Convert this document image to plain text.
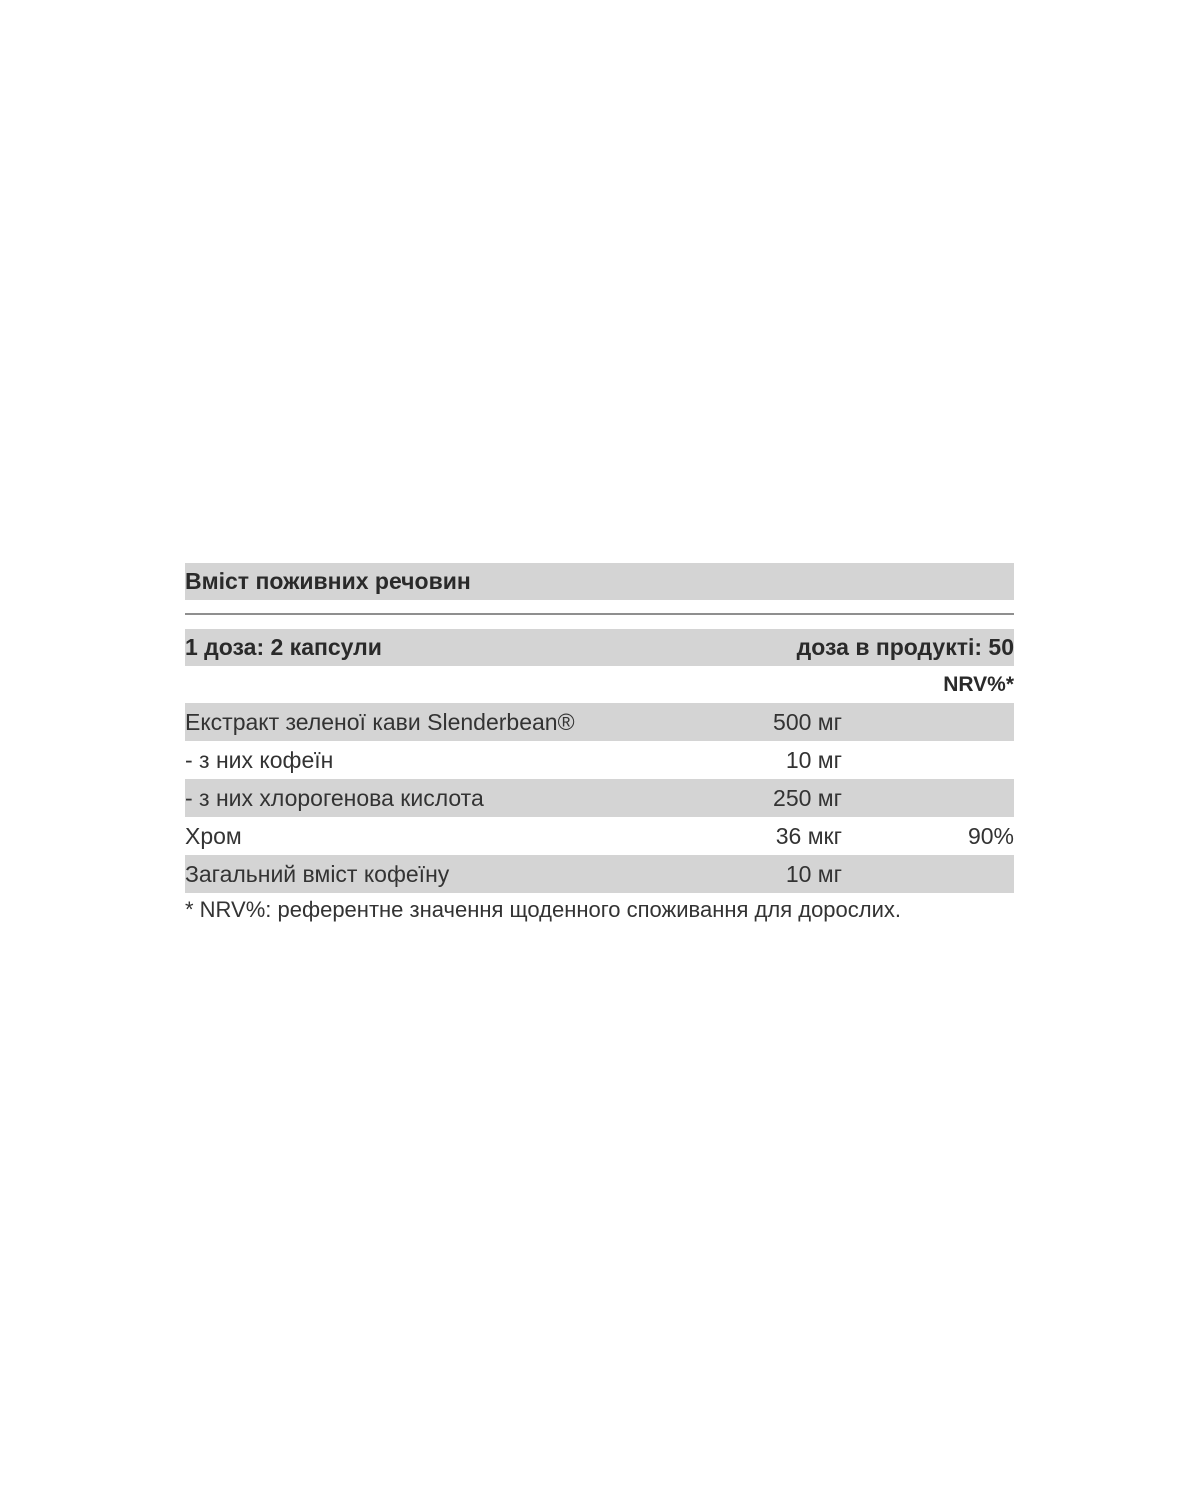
Вміст поживних речовин
1 доза: 2 капсули	доза в продукті: 50
NRV%*
Екстракт зеленої кави Slenderbean®	500 мг
- з них кофеїн	10 мг
- з них хлорогенова кислота	250 мг
Хром	36 мкг	90%
Загальний вміст кофеїну	10 мг
* NRV%: референтне значення щоденного споживання для дорослих.
